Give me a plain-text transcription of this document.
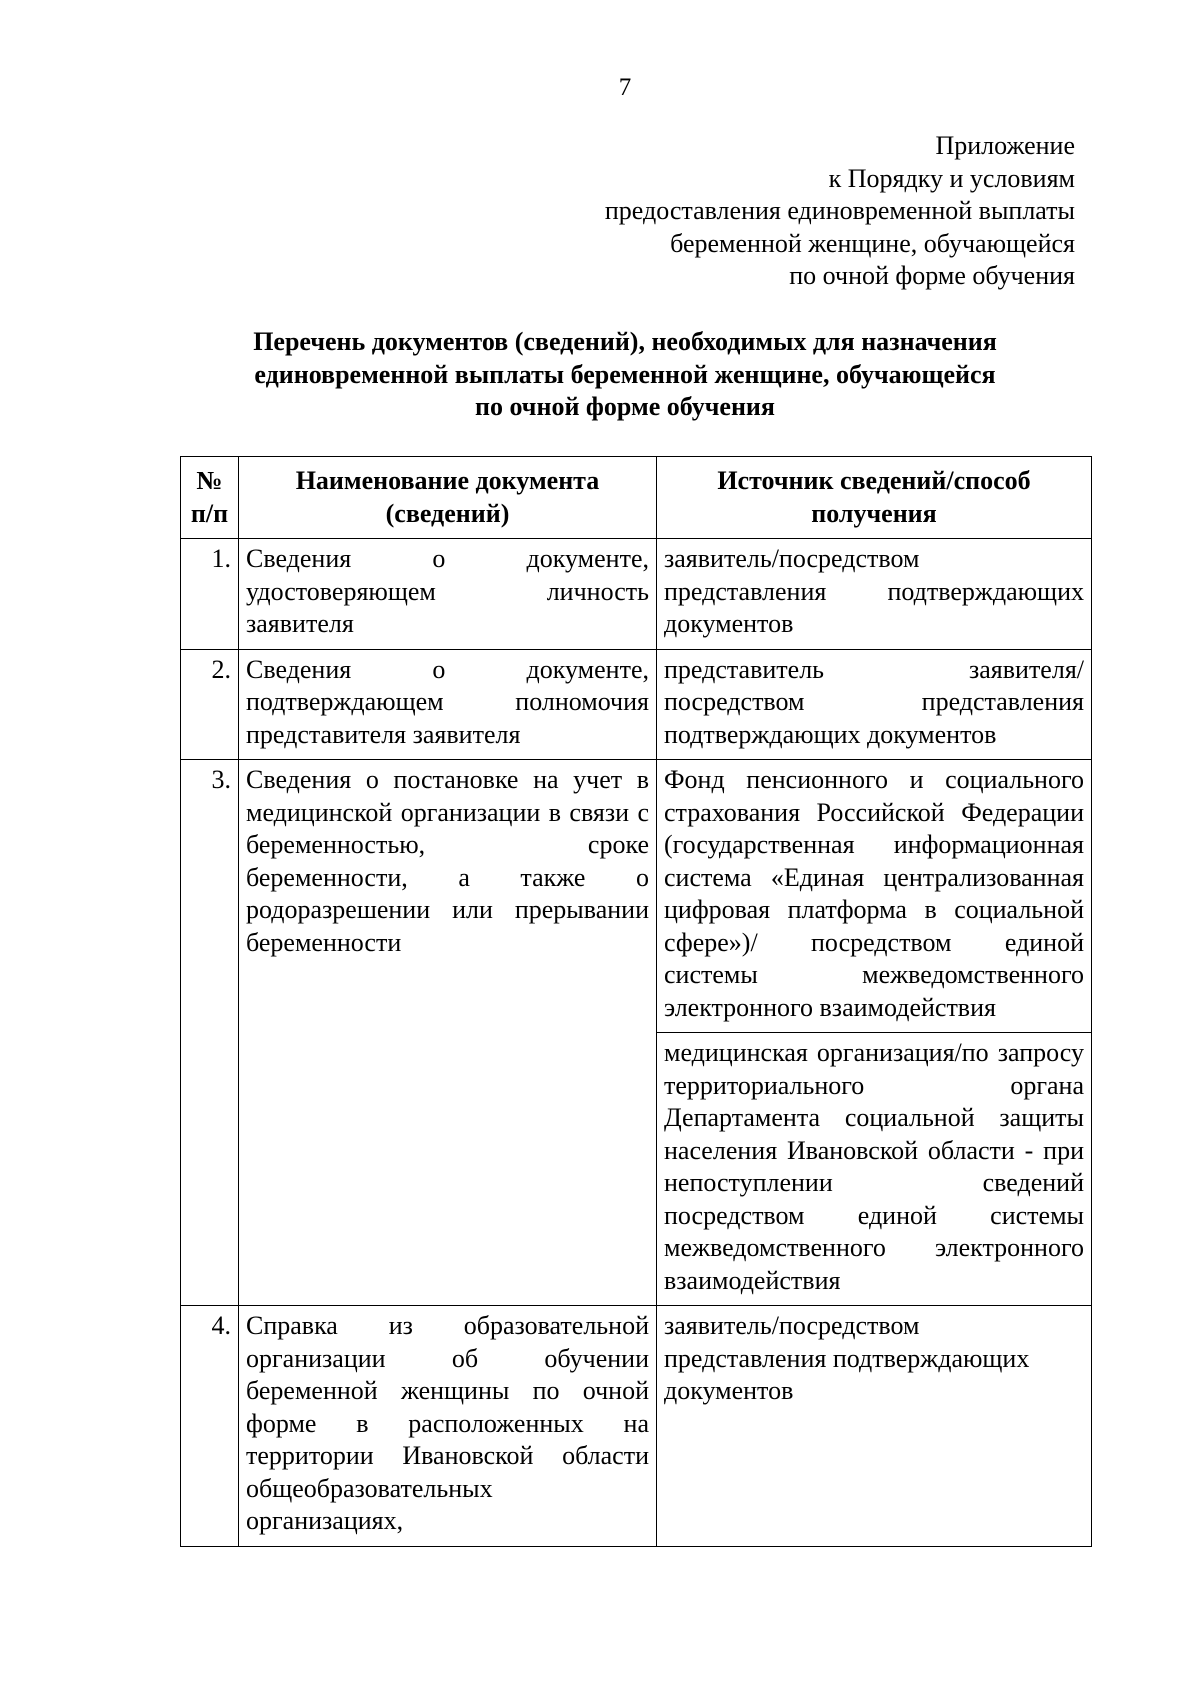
7
Приложение
к Порядку и условиям
предоставления единовременной выплаты
беременной женщине, обучающейся
по очной форме обучения
Перечень документов (сведений), необходимых для назначения
единовременной выплаты беременной женщине, обучающейся
по очной форме обучения
№ п/п	Наименование документа (сведений)	Источник сведений/способ получения
1.	Сведения о документе, удостоверяющем личность заявителя	заявитель/посредством представления подтверждающих документов
2.	Сведения о документе, подтверждающем полномочия представителя заявителя	представитель заявителя/ посредством представления подтверждающих документов
3.	Сведения о постановке на учет в медицинской организации в связи с беременностью, сроке беременности, а также о родоразрешении или прерывании беременности	Фонд пенсионного и социального страхования Российской Федерации (государственная информационная система «Единая централизованная цифровая платформа в социальной сфере»)/ посредством единой системы межведомственного электронного взаимодействия
		медицинская организация/по запросу территориального органа Департамента социальной защиты населения Ивановской области - при непоступлении сведений посредством единой системы межведомственного электронного взаимодействия
4.	Справка из образовательной организации об обучении беременной женщины по очной форме в расположенных на территории Ивановской области общеобразовательных организациях,	заявитель/посредством представления подтверждающих документов
